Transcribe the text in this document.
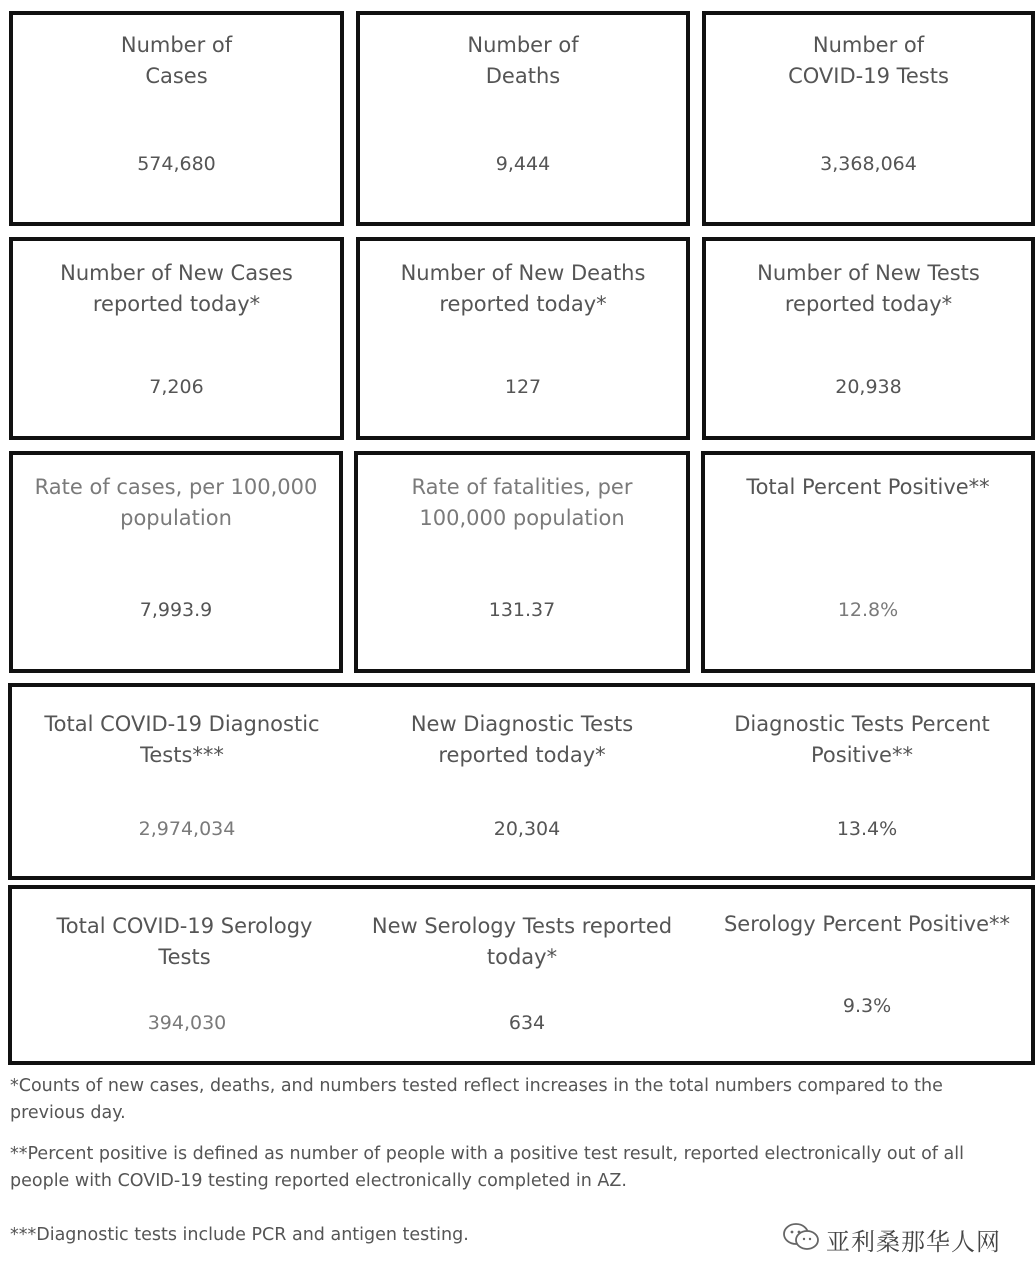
Number of
Cases
574,680
Number of
Deaths
9,444
Number of
COVID-19 Tests
3,368,064
Number of New Cases
reported today*
7,206
Number of New Deaths
reported today*
127
Number of New Tests
reported today*
20,938
Rate of cases, per 100,000
population
7,993.9
Rate of fatalities, per
100,000 population
131.37
Total Percent Positive**
12.8%
Total COVID-19 Diagnostic
Tests***
2,974,034
New Diagnostic Tests
reported today*
20,304
Diagnostic Tests Percent
Positive**
13.4%
Total COVID-19 Serology
Tests
394,030
New Serology Tests reported
today*
634
Serology Percent Positive**
9.3%
*Counts of new cases, deaths, and numbers tested reflect increases in the total numbers compared to the previous day.
**Percent positive is defined as number of people with a positive test result, reported electronically out of all people with COVID-19 testing reported electronically completed in AZ.
***Diagnostic tests include PCR and antigen testing.	亚利桑那华人网
